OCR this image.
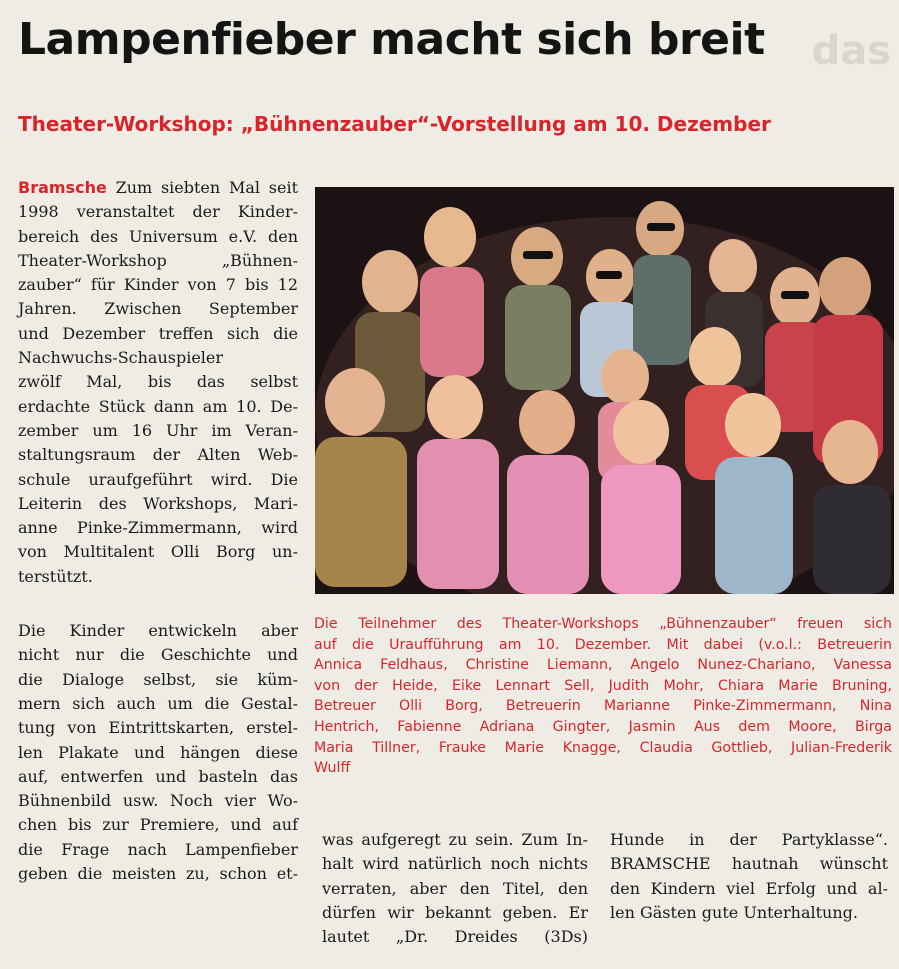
das
Lampenfieber macht sich breit
Theater-Workshop: „Bühnenzauber“-Vorstellung am 10. Dezember

Bramsche Zum siebten Mal seit

1998 veranstaltet der Kinder-

bereich des Universum e.V. den

Theater-Workshop „Bühnen-

zauber“ für Kinder von 7 bis 12

Jahren. Zwischen September

und Dezember treffen sich die

Nachwuchs-Schauspieler

zwölf Mal, bis das selbst

erdachte Stück dann am 10. De-

zember um 16 Uhr im Veran-

staltungsraum der Alten Web-

schule uraufgeführt wird. Die

Leiterin des Workshops, Mari-

anne Pinke-Zimmermann, wird

von Multitalent Olli Borg un-

terstützt.

Die Kinder entwickeln aber

nicht nur die Geschichte und

die Dialoge selbst, sie küm-

mern sich auch um die Gestal-

tung von Eintrittskarten, erstel-

len Plakate und hängen diese

auf, entwerfen und basteln das

Bühnenbild usw. Noch vier Wo-

chen bis zur Premiere, und auf

die Frage nach Lampenfieber

geben die meisten zu, schon et-

Die Teilnehmer des Theater-Workshops „Bühnenzauber“ freuen sich

auf die Uraufführung am 10. Dezember. Mit dabei (v.o.l.: Betreuerin

Annica Feldhaus, Christine Liemann, Angelo Nunez-Chariano, Vanessa

von der Heide, Eike Lennart Sell, Judith Mohr, Chiara Marie Bruning,

Betreuer Olli Borg, Betreuerin Marianne Pinke-Zimmermann, Nina

Hentrich, Fabienne Adriana Gingter, Jasmin Aus dem Moore, Birga

Maria Tillner, Frauke Marie Knagge, Claudia Gottlieb, Julian-Frederik

Wulff

was aufgeregt zu sein. Zum In-

halt wird natürlich noch nichts

verraten, aber den Titel, den

dürfen wir bekannt geben. Er

lautet „Dr. Dreides (3Ds)

Hunde in der Partyklasse“.

BRAMSCHE hautnah wünscht

den Kindern viel Erfolg und al-

len Gästen gute Unterhaltung.
